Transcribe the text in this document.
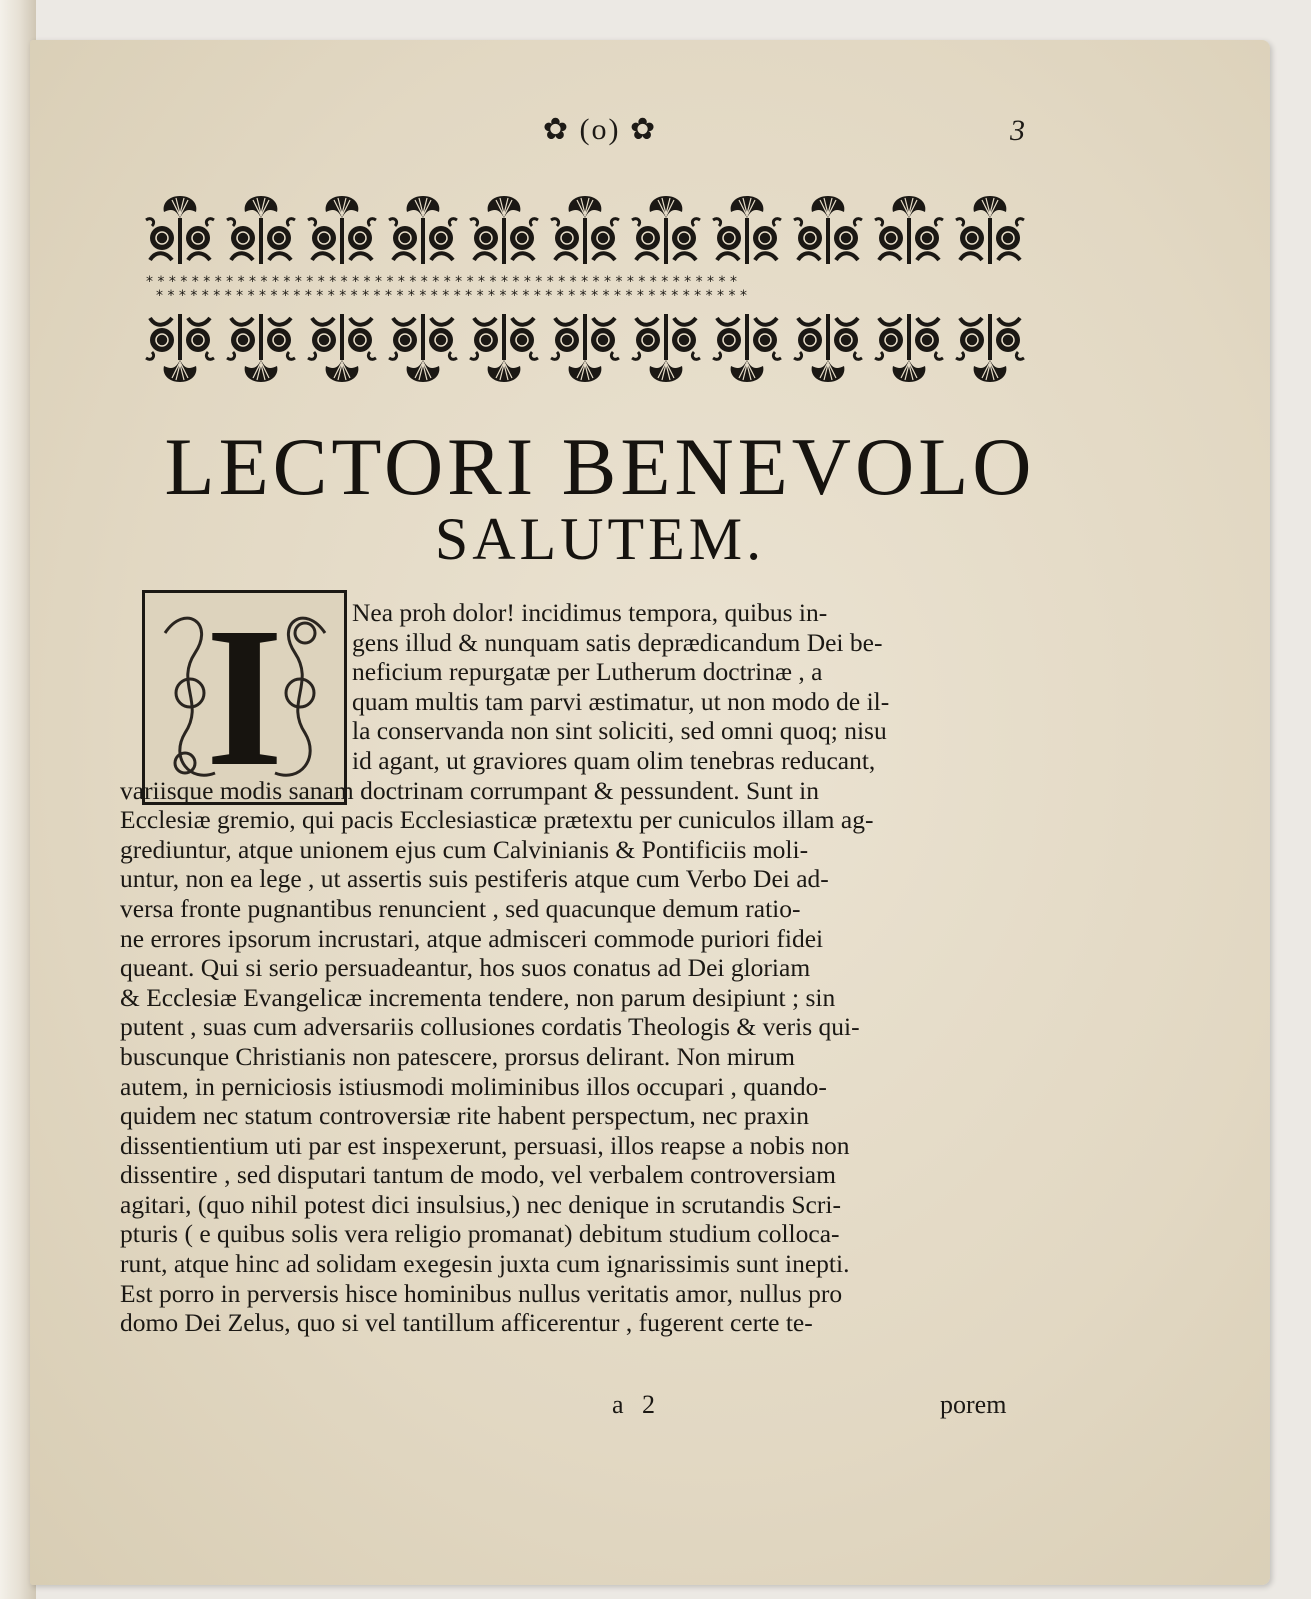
✿ (o) ✿	3
* * * * * * * * * * * * * * * * * * * * * * * * * * * * * * * * * * * * * * * * * * * * * * * * * * * *
* * * * * * * * * * * * * * * * * * * * * * * * * * * * * * * * * * * * * * * * * * * * * * * * * * * *
LECTORI BENEVOLO
SALUTEM.
I	Nea proh dolor! incidimus tempora, quibus in-
gens illud & nunquam satis deprædicandum Dei be-
neficium repurgatæ per Lutherum doctrinæ , a
quam multis tam parvi æstimatur, ut non modo de il-
la conservanda non sint soliciti, sed omni quoq; nisu
id agant, ut graviores quam olim tenebras reducant,
variisque modis sanam doctrinam corrumpant & pessundent. Sunt in
Ecclesiæ gremio, qui pacis Ecclesiasticæ prætextu per cuniculos illam ag-
grediuntur, atque unionem ejus cum Calvinianis & Pontificiis moli-
untur, non ea lege , ut assertis suis pestiferis atque cum Verbo Dei ad-
versa fronte pugnantibus renuncient , sed quacunque demum ratio-
ne errores ipsorum incrustari, atque admisceri commode puriori fidei
queant. Qui si serio persuadeantur, hos suos conatus ad Dei gloriam
& Ecclesiæ Evangelicæ incrementa tendere, non parum desipiunt ; sin
putent , suas cum adversariis collusiones cordatis Theologis & veris qui-
buscunque Christianis non patescere, prorsus delirant. Non mirum
autem, in perniciosis istiusmodi moliminibus illos occupari , quando-
quidem nec statum controversiæ rite habent perspectum, nec praxin
dissentientium uti par est inspexerunt, persuasi, illos reapse a nobis non
dissentire , sed disputari tantum de modo, vel verbalem controversiam
agitari, (quo nihil potest dici insulsius,) nec denique in scrutandis Scri-
pturis ( e quibus solis vera religio promanat) debitum studium colloca-
runt, atque hinc ad solidam exegesin juxta cum ignarissimis sunt inepti.
Est porro in perversis hisce hominibus nullus veritatis amor, nullus pro
domo Dei Zelus, quo si vel tantillum afficerentur , fugerent certe te-
a 2	porem
